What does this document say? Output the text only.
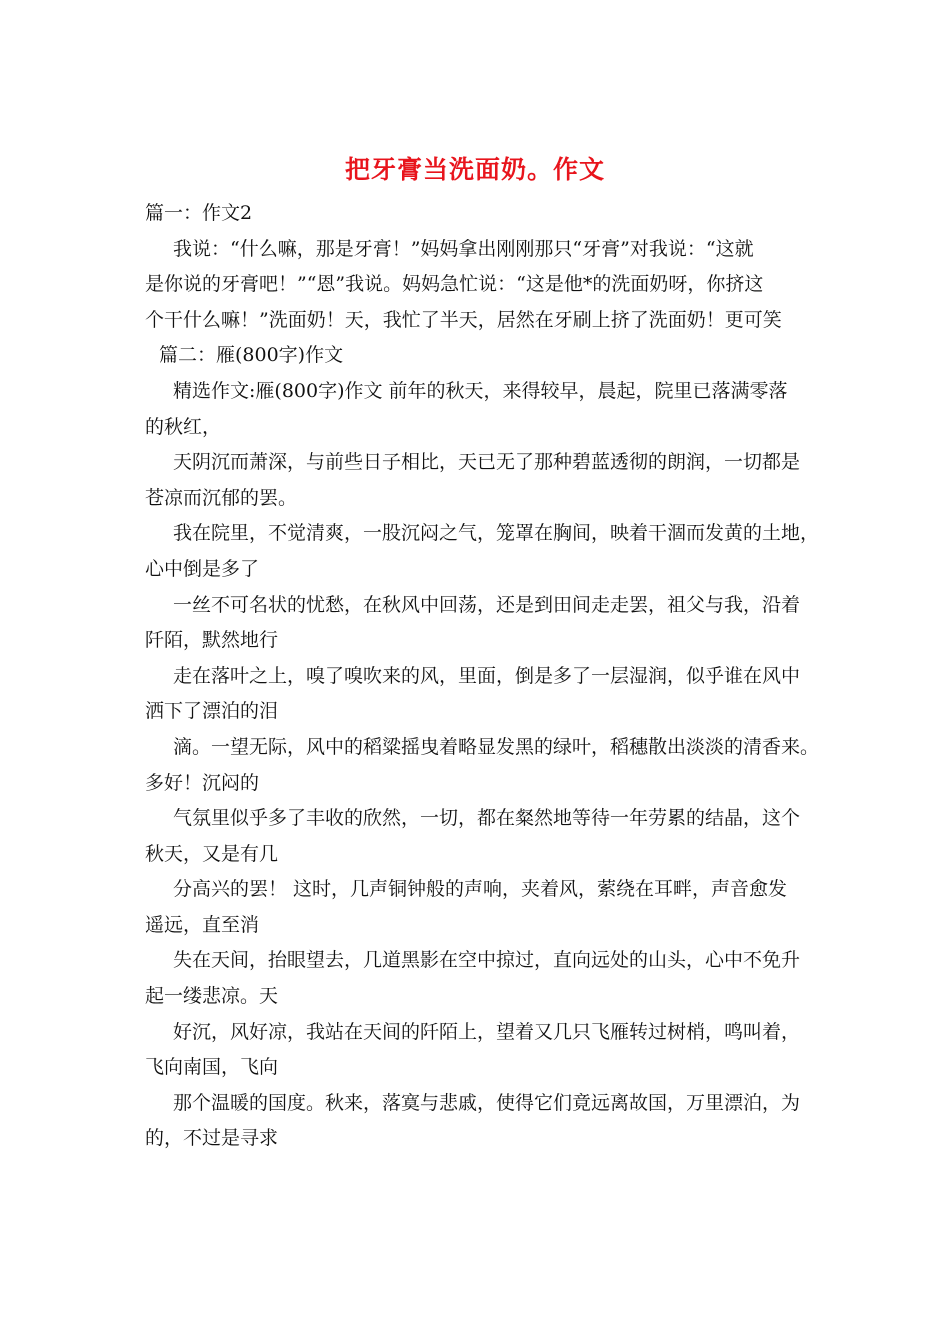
把牙膏当洗面奶。作文
篇一：作文2
我说：“什么嘛，那是牙膏！”妈妈拿出刚刚那只“牙膏”对我说：“这就
是你说的牙膏吧！”“恩”我说。妈妈急忙说：“这是他*的洗面奶呀，你挤这
个干什么嘛！”洗面奶！天，我忙了半天，居然在牙刷上挤了洗面奶！更可笑
篇二：雁(800字)作文
精选作文:雁(800字)作文 前年的秋天，来得较早，晨起，院里已落满零落
的秋红，
天阴沉而萧深，与前些日子相比，天已无了那种碧蓝透彻的朗润，一切都是
苍凉而沉郁的罢。
我在院里，不觉清爽，一股沉闷之气，笼罩在胸间，映着干涸而发黄的土地，
心中倒是多了
一丝不可名状的忧愁，在秋风中回荡，还是到田间走走罢，祖父与我，沿着
阡陌，默然地行
走在落叶之上，嗅了嗅吹来的风，里面，倒是多了一层湿润，似乎谁在风中
洒下了漂泊的泪
滴。一望无际，风中的稻粱摇曳着略显发黑的绿叶，稻穗散出淡淡的清香来。
多好！沉闷的
气氛里似乎多了丰收的欣然，一切，都在粲然地等待一年劳累的结晶，这个
秋天，又是有几
分高兴的罢！ 这时，几声铜钟般的声响，夹着风，萦绕在耳畔，声音愈发
遥远，直至消
失在天间，抬眼望去，几道黑影在空中掠过，直向远处的山头，心中不免升
起一缕悲凉。天
好沉，风好凉，我站在天间的阡陌上，望着又几只飞雁转过树梢，鸣叫着，
飞向南国，飞向
那个温暖的国度。秋来，落寞与悲戚，使得它们竟远离故国，万里漂泊，为
的，不过是寻求
